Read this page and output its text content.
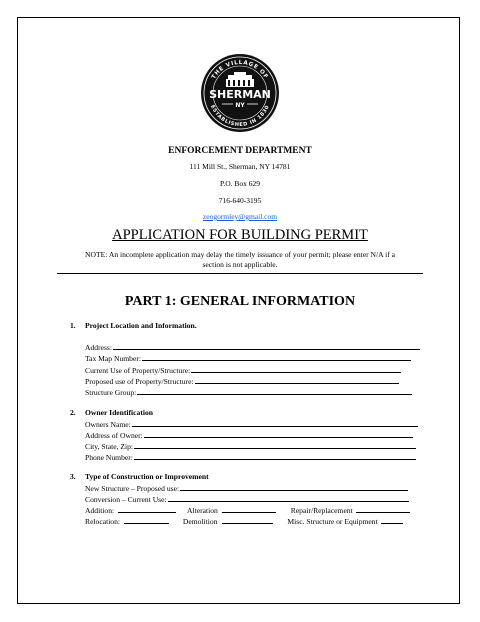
THE VILLAGE OF
ESTABLISHED IN 1830
SHERMAN
NY
ENFORCEMENT DEPARTMENT
111 Mill St., Sherman, NY 14781
P.O. Box 629
716-640-3195
zeogormley@gmail.com
APPLICATION FOR BUILDING PERMIT
NOTE: An incomplete application may delay the timely issuance of your permit; please enter N/A if a
section is not applicable.
PART 1: GENERAL INFORMATION
1. Project Location and Information.
Address:
Tax Map Number:
Current Use of Property/Structure:
Proposed use of Property/Structure:
Structure Group:
2. Owner Identification
Owners Name:
Address of Owner:
City, State, Zip:
Phone Number:
3. Type of Construction or Improvement
New Structure – Proposed use:
Conversion – Current Use:
Addition:	Alteration	Repair/Replacement
Relocation:	Demolition	Misc. Structure or Equipment
